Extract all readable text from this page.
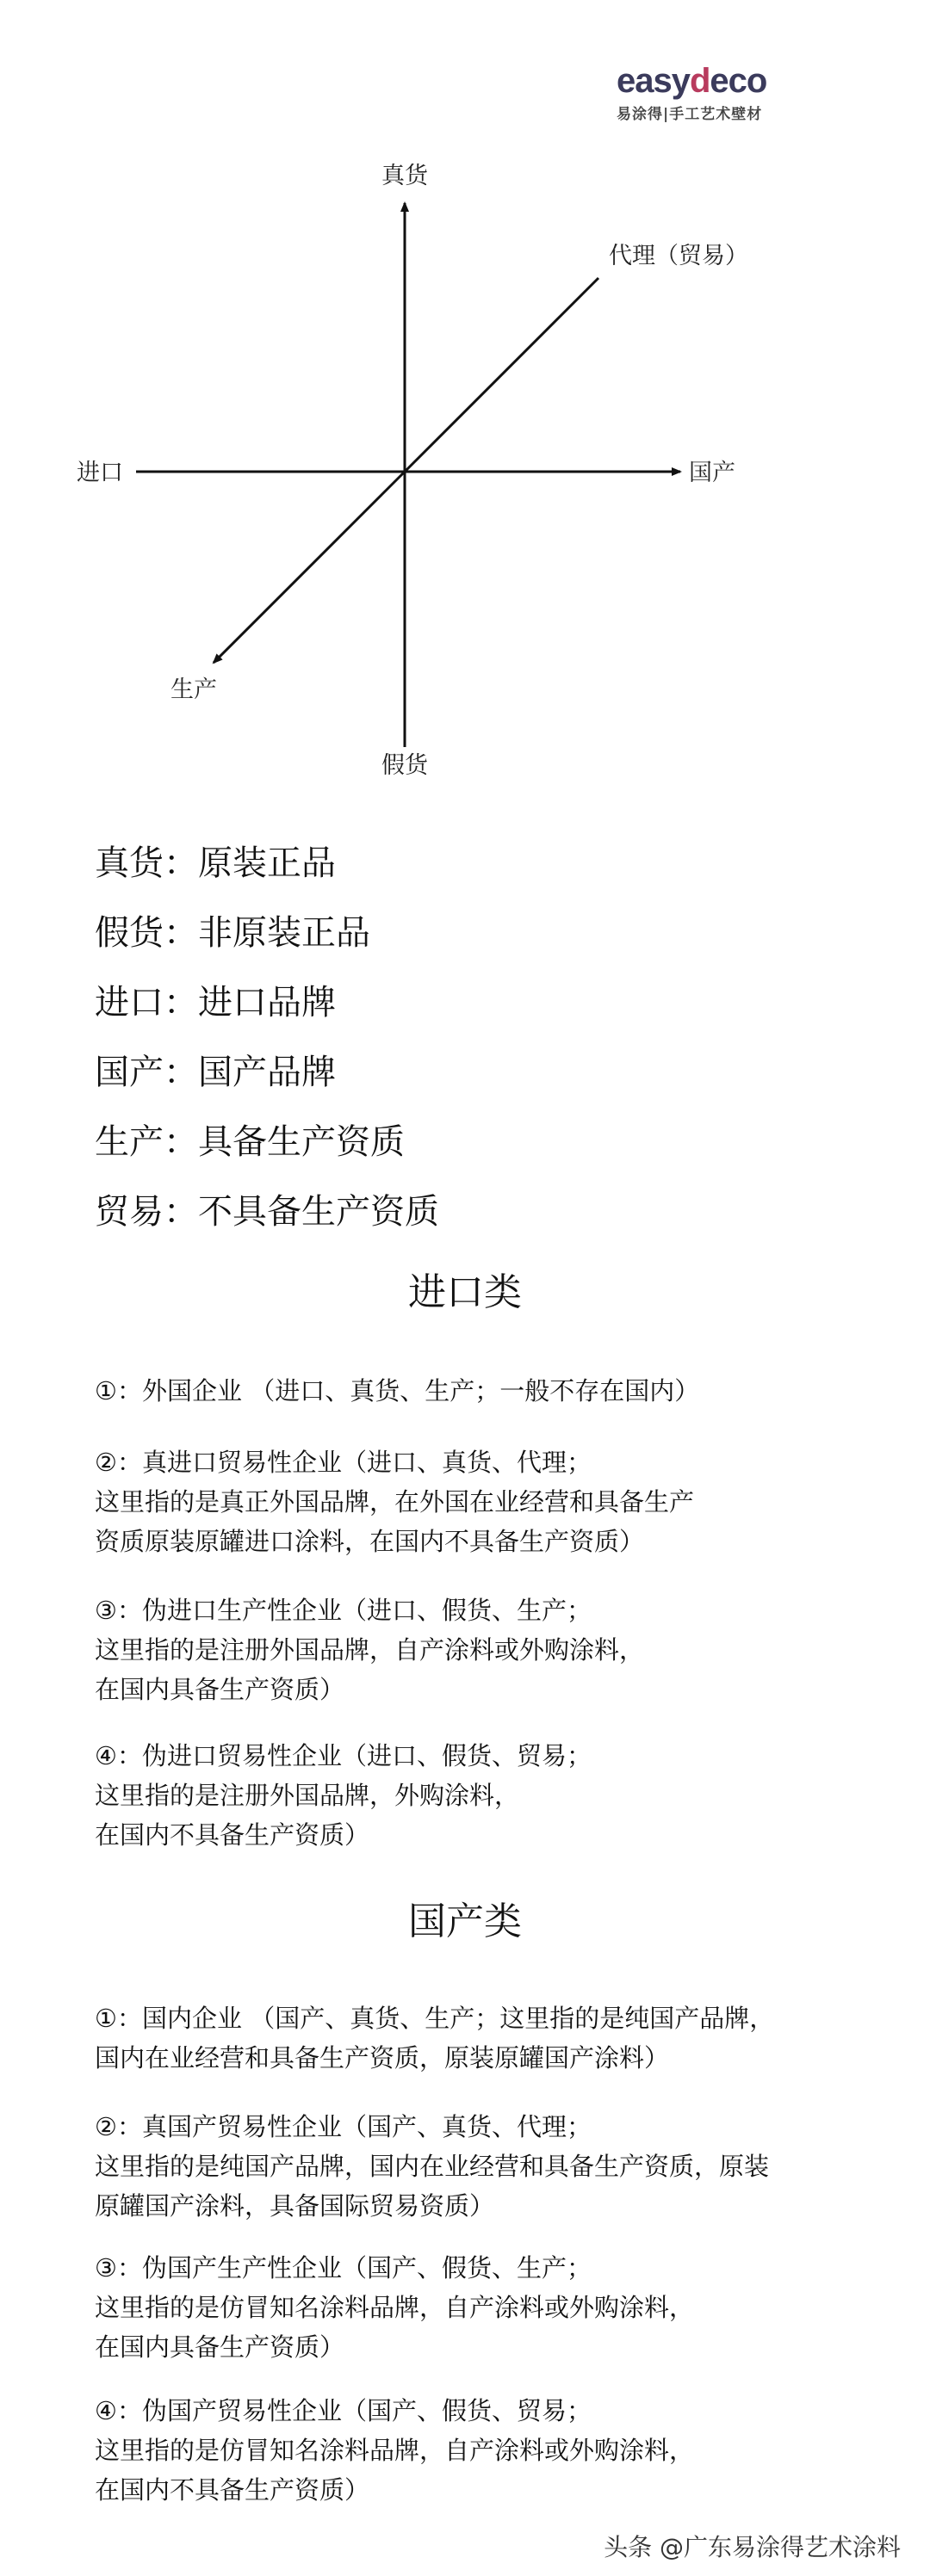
easydeco
易涂得|手工艺术壁材
真货
假货
进口	国产
代理（贸易）
生产
真货：原装正品
假货：非原装正品
进口：进口品牌
国产：国产品牌
生产：具备生产资质
贸易：不具备生产资质
进口类
①：外国企业 （进口、真货、生产；一般不存在国内）
②：真进口贸易性企业（进口、真货、代理；
这里指的是真正外国品牌，在外国在业经营和具备生产
资质原装原罐进口涂料，在国内不具备生产资质）
③：伪进口生产性企业（进口、假货、生产；
这里指的是注册外国品牌，自产涂料或外购涂料，
在国内具备生产资质）
④：伪进口贸易性企业（进口、假货、贸易；
这里指的是注册外国品牌，外购涂料，
在国内不具备生产资质）
国产类
①：国内企业 （国产、真货、生产；这里指的是纯国产品牌，
国内在业经营和具备生产资质，原装原罐国产涂料）
②：真国产贸易性企业（国产、真货、代理；
这里指的是纯国产品牌，国内在业经营和具备生产资质，原装
原罐国产涂料，具备国际贸易资质）
③：伪国产生产性企业（国产、假货、生产；
这里指的是仿冒知名涂料品牌，自产涂料或外购涂料，
在国内具备生产资质）
④：伪国产贸易性企业（国产、假货、贸易；
这里指的是仿冒知名涂料品牌，自产涂料或外购涂料，
在国内不具备生产资质）
头条 @广东易涂得艺术涂料
